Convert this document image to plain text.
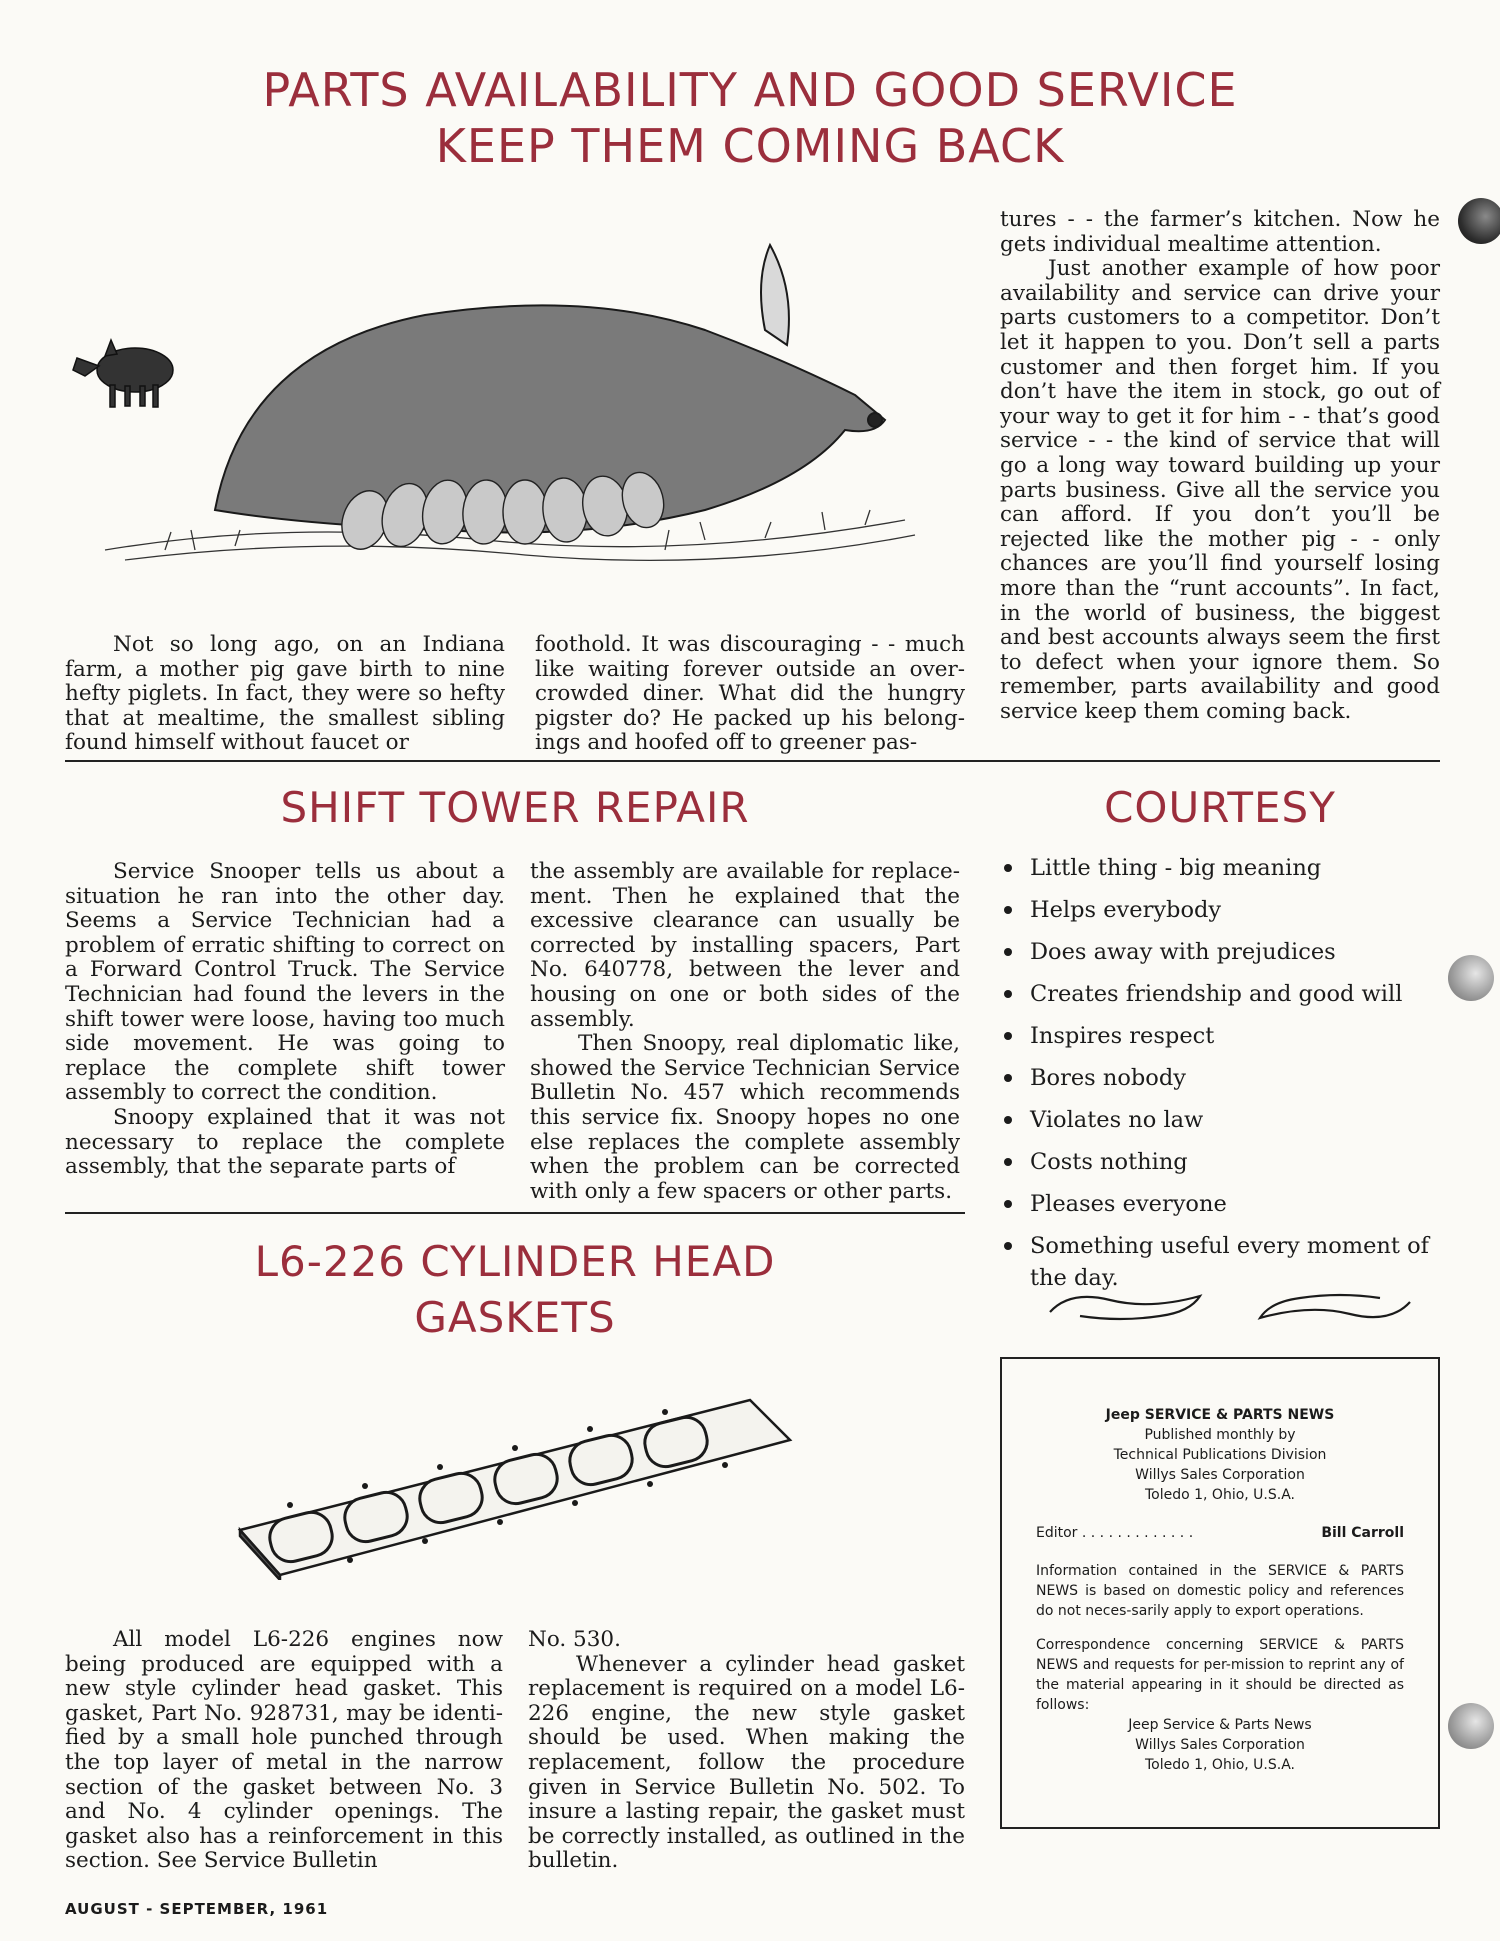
PARTS AVAILABILITY AND GOOD SERVICE
KEEP THEM COMING BACK

Not so long ago, on an Indiana farm, a mother pig gave birth to nine hefty piglets. In fact, they were so hefty that at mealtime, the smallest sibling found himself without faucet or

foothold. It was discouraging - - much like waiting forever outside an over-crowded diner. What did the hungry pigster do? He packed up his belong-ings and hoofed off to greener pas-

tures - - the farmer’s kitchen. Now he gets individual mealtime attention.

Just another example of how poor availability and service can drive your parts customers to a competitor. Don’t let it happen to you. Don’t sell a parts customer and then forget him. If you don’t have the item in stock, go out of your way to get it for him - - that’s good service - - the kind of service that will go a long way toward building up your parts business. Give all the service you can afford. If you don’t you’ll be rejected like the mother pig - - only chances are you’ll find yourself losing more than the “runt accounts”. In fact, in the world of business, the biggest and best accounts always seem the first to defect when your ignore them. So remember, parts availability and good service keep them coming back.

SHIFT TOWER REPAIR	COURTESY

Service Snooper tells us about a situation he ran into the other day. Seems a Service Technician had a problem of erratic shifting to correct on a Forward Control Truck. The Service Technician had found the levers in the shift tower were loose, having too much side movement. He was going to replace the complete shift tower assembly to correct the condition.

Snoopy explained that it was not necessary to replace the complete assembly, that the separate parts of

the assembly are available for replace-ment. Then he explained that the excessive clearance can usually be corrected by installing spacers, Part No. 640778, between the lever and housing on one or both sides of the assembly.

Then Snoopy, real diplomatic like, showed the Service Technician Service Bulletin No. 457 which recommends this service fix. Snoopy hopes no one else replaces the complete assembly when the problem can be corrected with only a few spacers or other parts.

Little thing - big meaning
Helps everybody
Does away with prejudices
Creates friendship and good will
Inspires respect
Bores nobody
Violates no law
Costs nothing
Pleases everyone
Something useful every moment of the day.
L6-226 CYLINDER HEAD
GASKETS

All model L6-226 engines now being produced are equipped with a new style cylinder head gasket. This gasket, Part No. 928731, may be identi-fied by a small hole punched through the top layer of metal in the narrow section of the gasket between No. 3 and No. 4 cylinder openings. The gasket also has a reinforcement in this section. See Service Bulletin

No. 530.

Whenever a cylinder head gasket replacement is required on a model L6-226 engine, the new style gasket should be used. When making the replacement, follow the procedure given in Service Bulletin No. 502. To insure a lasting repair, the gasket must be correctly installed, as outlined in the bulletin.

Jeep SERVICE & PARTS NEWS
Published monthly by
Technical Publications Division
Willys Sales Corporation
Toledo 1, Ohio, U.S.A.
Editor . . . . . . . . . . . . .	Bill Carroll
Information contained in the SERVICE & PARTS NEWS is based on domestic policy and references do not neces-sarily apply to export operations.
Correspondence concerning SERVICE & PARTS NEWS and requests for per-mission to reprint any of the material appearing in it should be directed as follows:
Jeep Service & Parts News
Willys Sales Corporation
Toledo 1, Ohio, U.S.A.
AUGUST - SEPTEMBER, 1961
